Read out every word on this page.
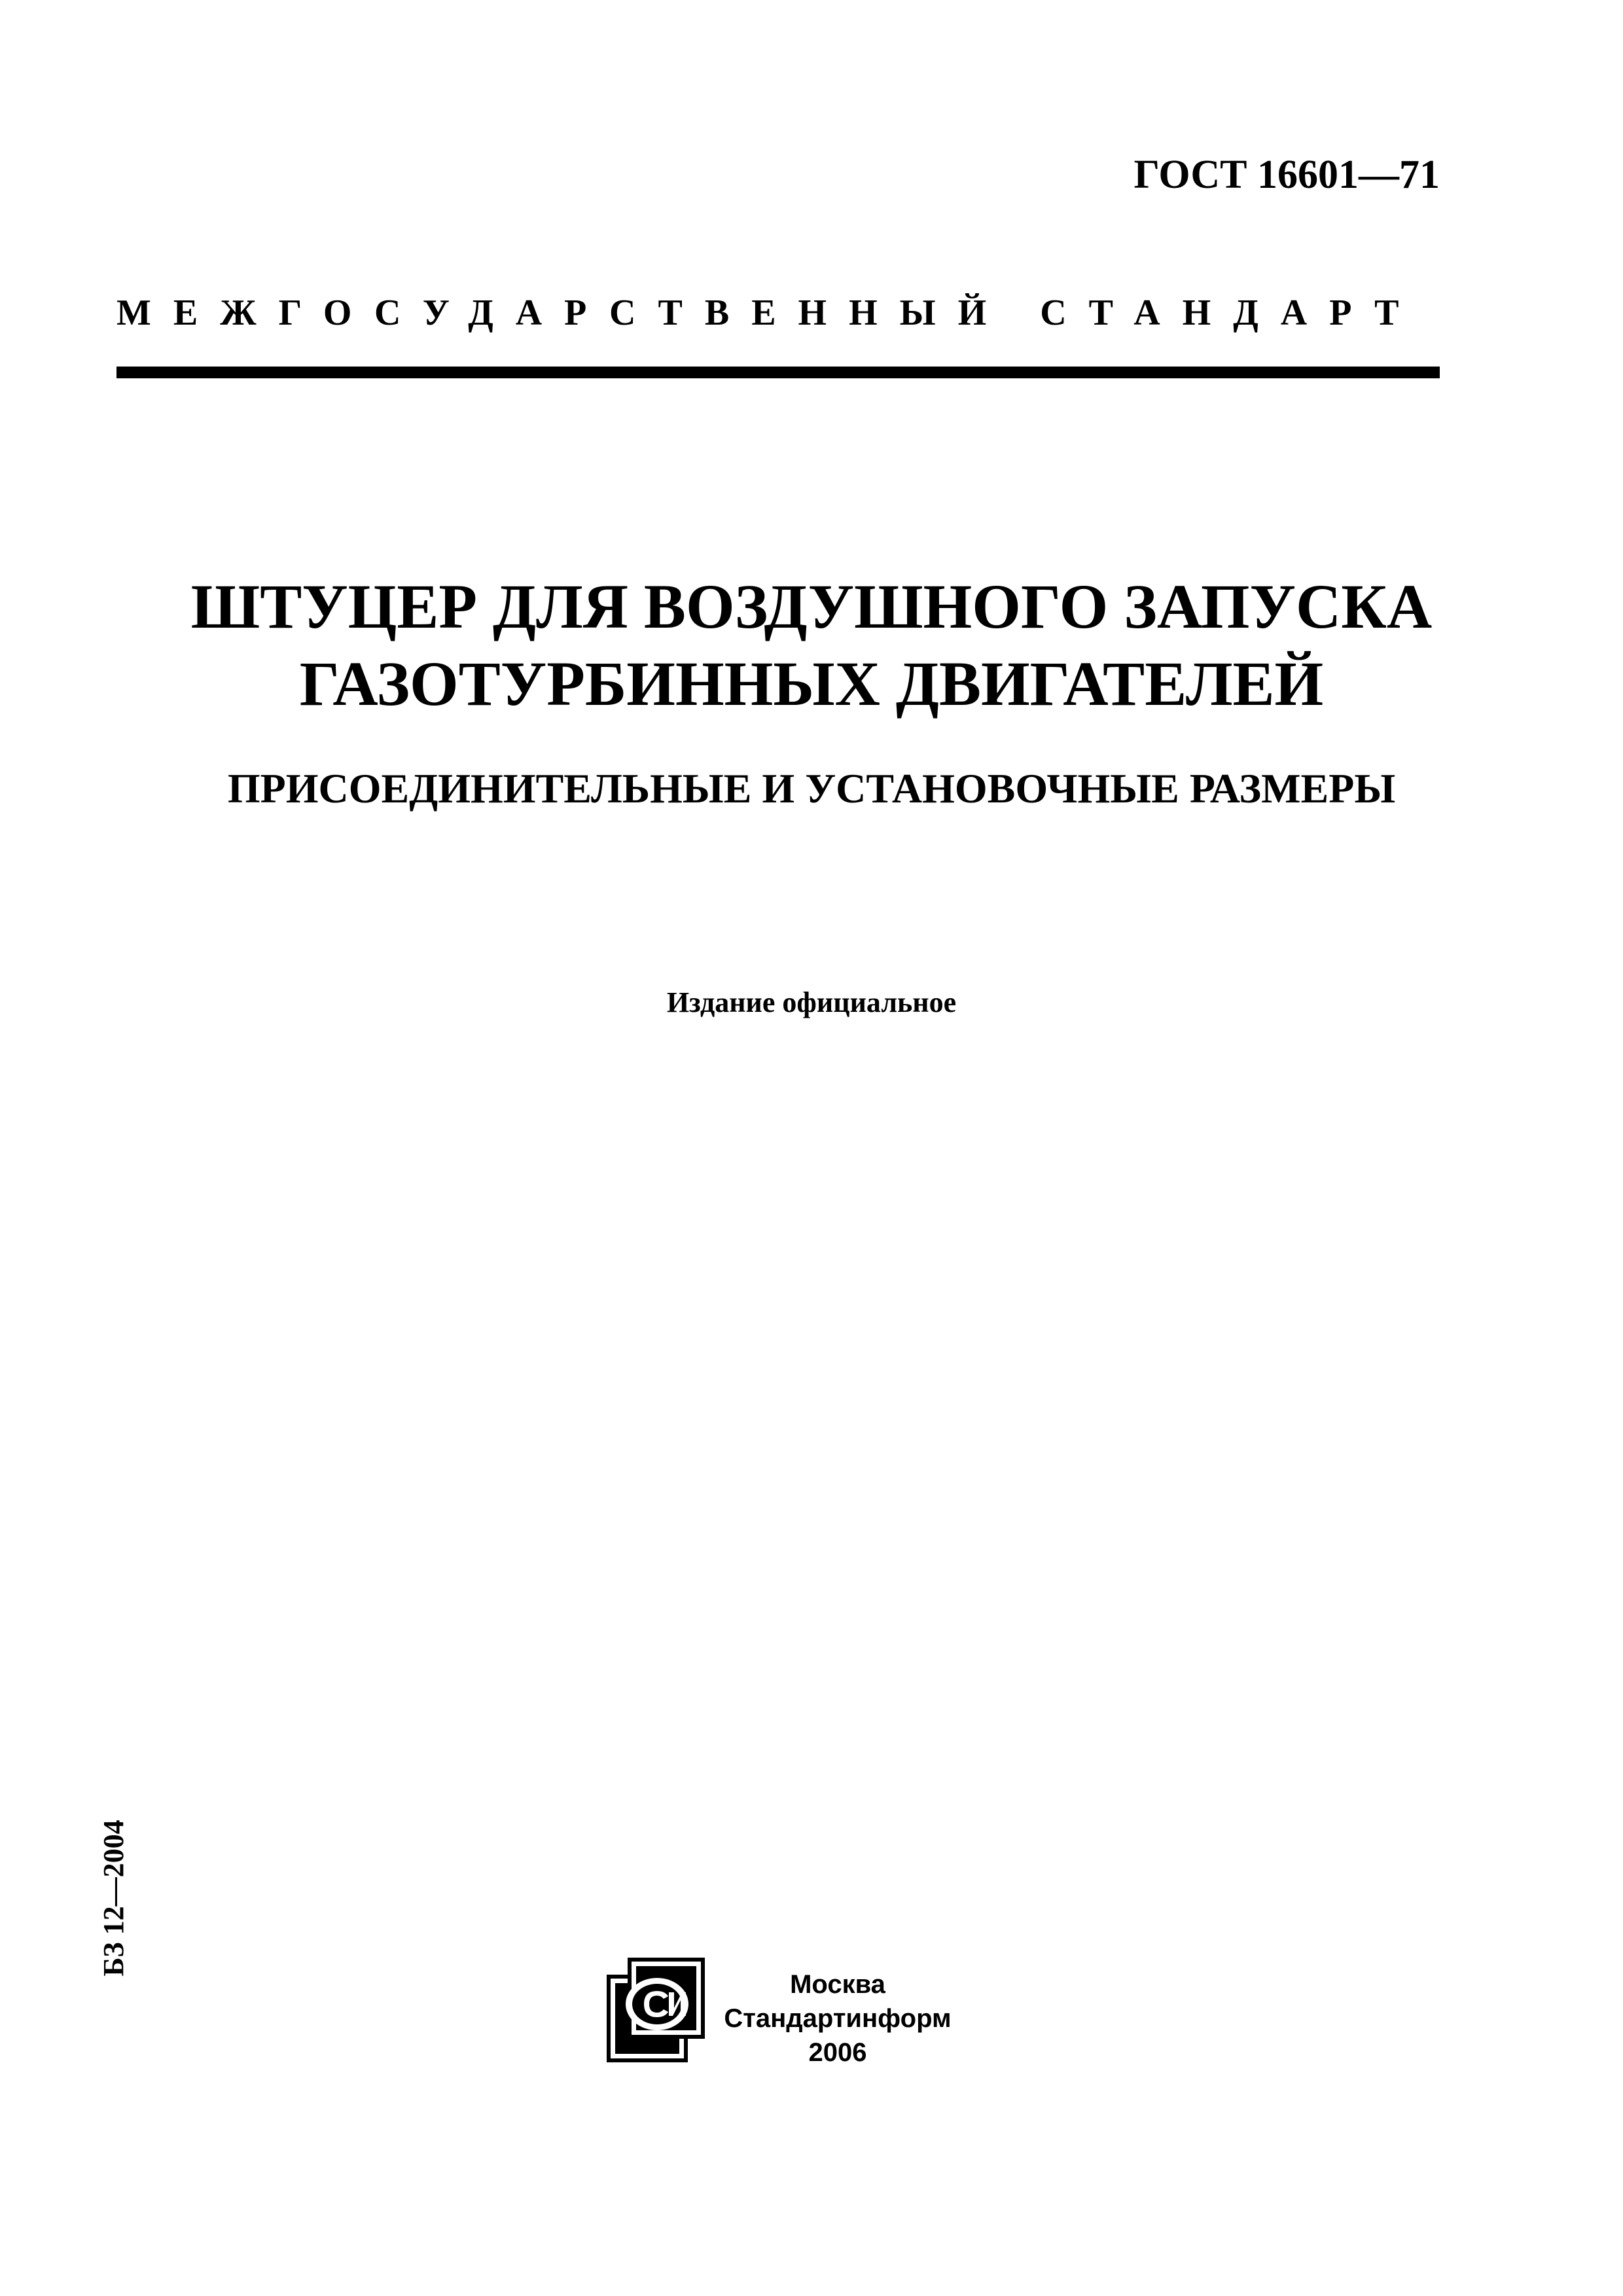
ГОСТ 16601—71
МЕЖГОСУДАРСТВЕННЫЙ СТАНДАРТ
ШТУЦЕР ДЛЯ ВОЗДУШНОГО ЗАПУСКА
ГАЗОТУРБИННЫХ ДВИГАТЕЛЕЙ
ПРИСОЕДИНИТЕЛЬНЫЕ И УСТАНОВОЧНЫЕ РАЗМЕРЫ
Издание официальное
БЗ 12—2004
Москва
Стандартинформ
2006
